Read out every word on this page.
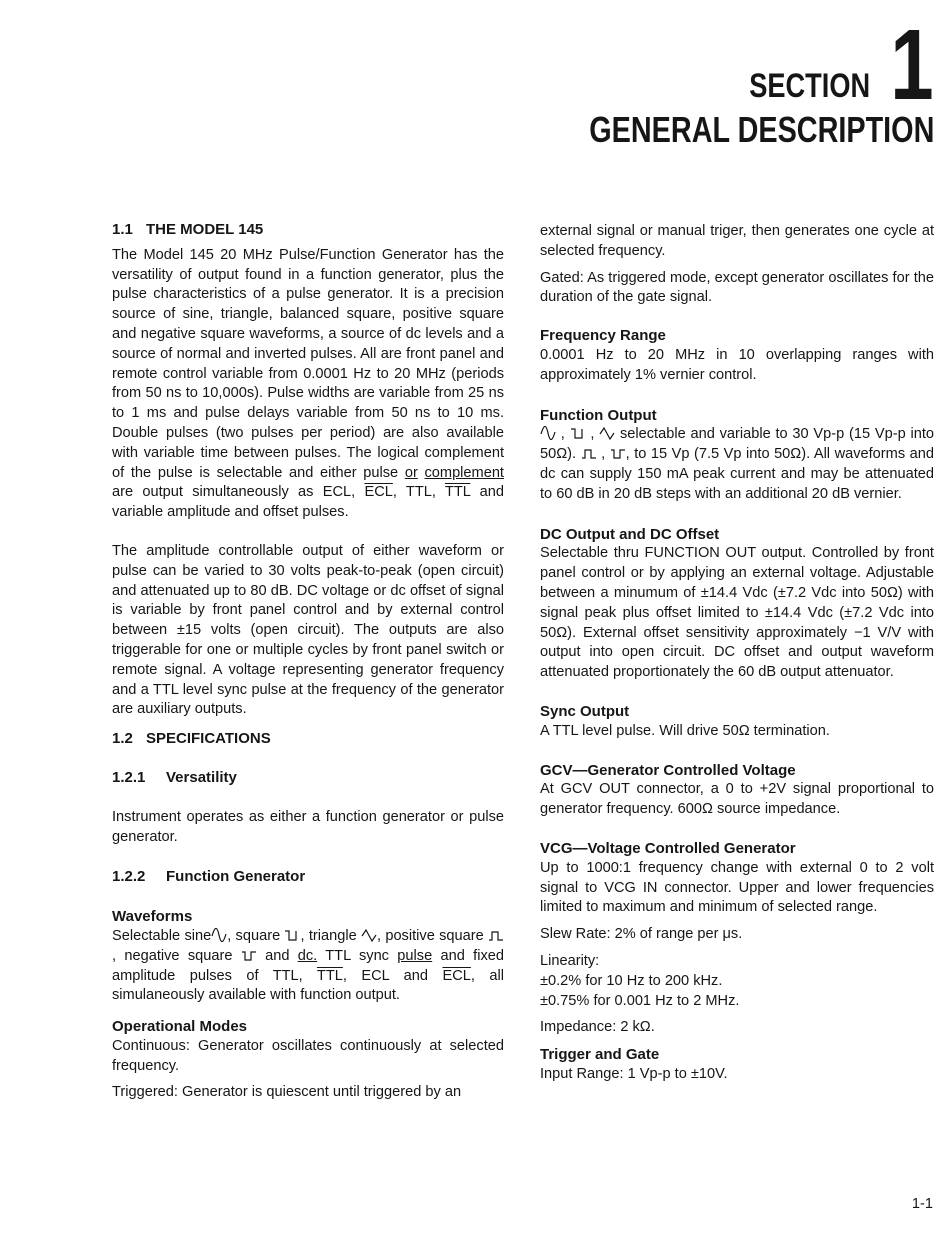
SECTION 1
GENERAL DESCRIPTION
1.1 THE MODEL 145

The Model 145 20 MHz Pulse/Function Generator has the versatility of output found in a function generator, plus the pulse characteristics of a pulse generator. It is a precision source of sine, triangle, balanced square, positive square and negative square waveforms, a source of dc levels and a source of normal and inverted pulses. All are front panel and remote control variable from 0.0001 Hz to 20 MHz (periods from 50 ns to 10,000s). Pulse widths are variable from 25 ns to 1 ms and pulse delays variable from 50 ns to 10 ms. Double pulses (two pulses per period) are also available with variable time between pulses. The logical complement of the pulse is selectable and either pulse or complement are output simultaneously as ECL, $\overline{ECL}$, TTL, $\overline{TTL}$ and variable amplitude and offset pulses.

The amplitude controllable output of either waveform or pulse can be varied to 30 volts peak-to-peak (open circuit) and attenuated up to 80 dB. DC voltage or dc offset of signal is variable by front panel control and by external control between ±15 volts (open circuit). The outputs are also triggerable for one or multiple cycles by front panel switch or remote signal. A voltage representing generator frequency and a TTL level sync pulse at the frequency of the generator are auxiliary outputs.

1.2 SPECIFICATIONS
1.2.1 Versatility

Instrument operates as either a function generator or pulse generator.

1.2.2 Function Generator
Waveforms

Selectable sine , square , triangle , positive square , negative square  and dc. TTL sync pulse and fixed amplitude pulses of TTL, $\overline{TTL}$, ECL and $\overline{ECL}$, all simulaneously available with function output.

Operational Modes

Continuous: Generator oscillates continuously at selected frequency.

Triggered: Generator is quiescent until triggered by an

external signal or manual triger, then generates one cycle at selected frequency.

Gated: As triggered mode, except generator oscillates for the duration of the gate signal.

Frequency Range

0.0001 Hz to 20 MHz in 10 overlapping ranges with approximately 1% vernier control.

Function Output

,  ,  selectable and variable to 30 Vp-p (15 Vp-p into 50Ω).  , , to 15 Vp (7.5 Vp into 50Ω). All waveforms and dc can supply 150 mA peak current and may be attenuated to 60 dB in 20 dB steps with an additional 20 dB vernier.

DC Output and DC Offset

Selectable thru FUNCTION OUT output. Controlled by front panel control or by applying an external voltage. Adjustable between a minumum of ±14.4 Vdc (±7.2 Vdc into 50Ω) with signal peak plus offset limited to ±14.4 Vdc (±7.2 Vdc into 50Ω). External offset sensitivity approximately −1 V/V with output into open circuit. DC offset and output waveform attenuated proportionately the 60 dB output attenuator.

Sync Output

A TTL level pulse. Will drive 50Ω termination.

GCV—Generator Controlled Voltage

At GCV OUT connector, a 0 to +2V signal proportional to generator frequency. 600Ω source impedance.

VCG—Voltage Controlled Generator

Up to 1000:1 frequency change with external 0 to 2 volt signal to VCG IN connector. Upper and lower frequencies limited to maximum and minimum of selected range.

Slew Rate: 2% of range per μs.

Linearity:

±0.2% for 10 Hz to 200 kHz.

±0.75% for 0.001 Hz to 2 MHz.

Impedance: 2 kΩ.

Trigger and Gate

Input Range: 1 Vp-p to ±10V.

1-1
